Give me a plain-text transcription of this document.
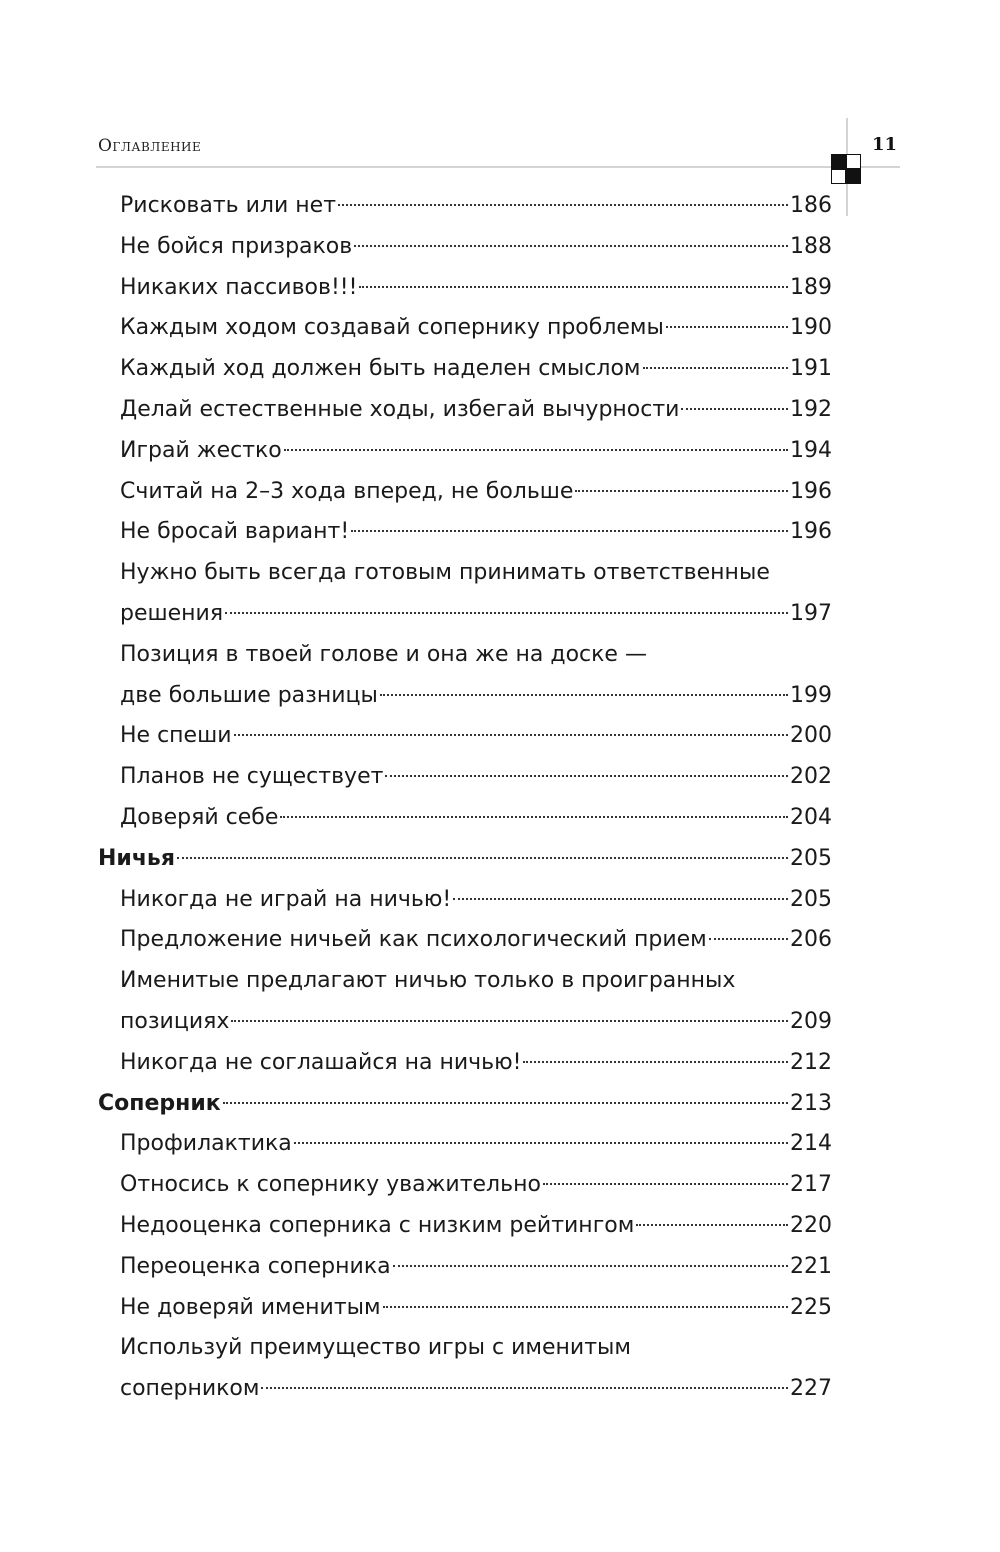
Оглавление	11
Рисковать или нет	186
Не бойся призраков	188
Никаких пассивов!!!	189
Каждым ходом создавай сопернику проблемы	190
Каждый ход должен быть наделен смыслом	191
Делай естественные ходы, избегай вычурности	192
Играй жестко	194
Считай на 2–3 хода вперед, не больше	196
Не бросай вариант!	196
Нужно быть всегда готовым принимать ответственные
решения	197
Позиция в твоей голове и она же на доске —
две большие разницы	199
Не спеши	200
Планов не существует	202
Доверяй себе	204
Ничья	205
Никогда не играй на ничью!	205
Предложение ничьей как психологический прием	206
Именитые предлагают ничью только в проигранных
позициях	209
Никогда не соглашайся на ничью!	212
Соперник	213
Профилактика	214
Относись к сопернику уважительно	217
Недооценка соперника с низким рейтингом	220
Переоценка соперника	221
Не доверяй именитым	225
Используй преимущество игры с именитым
соперником	227
